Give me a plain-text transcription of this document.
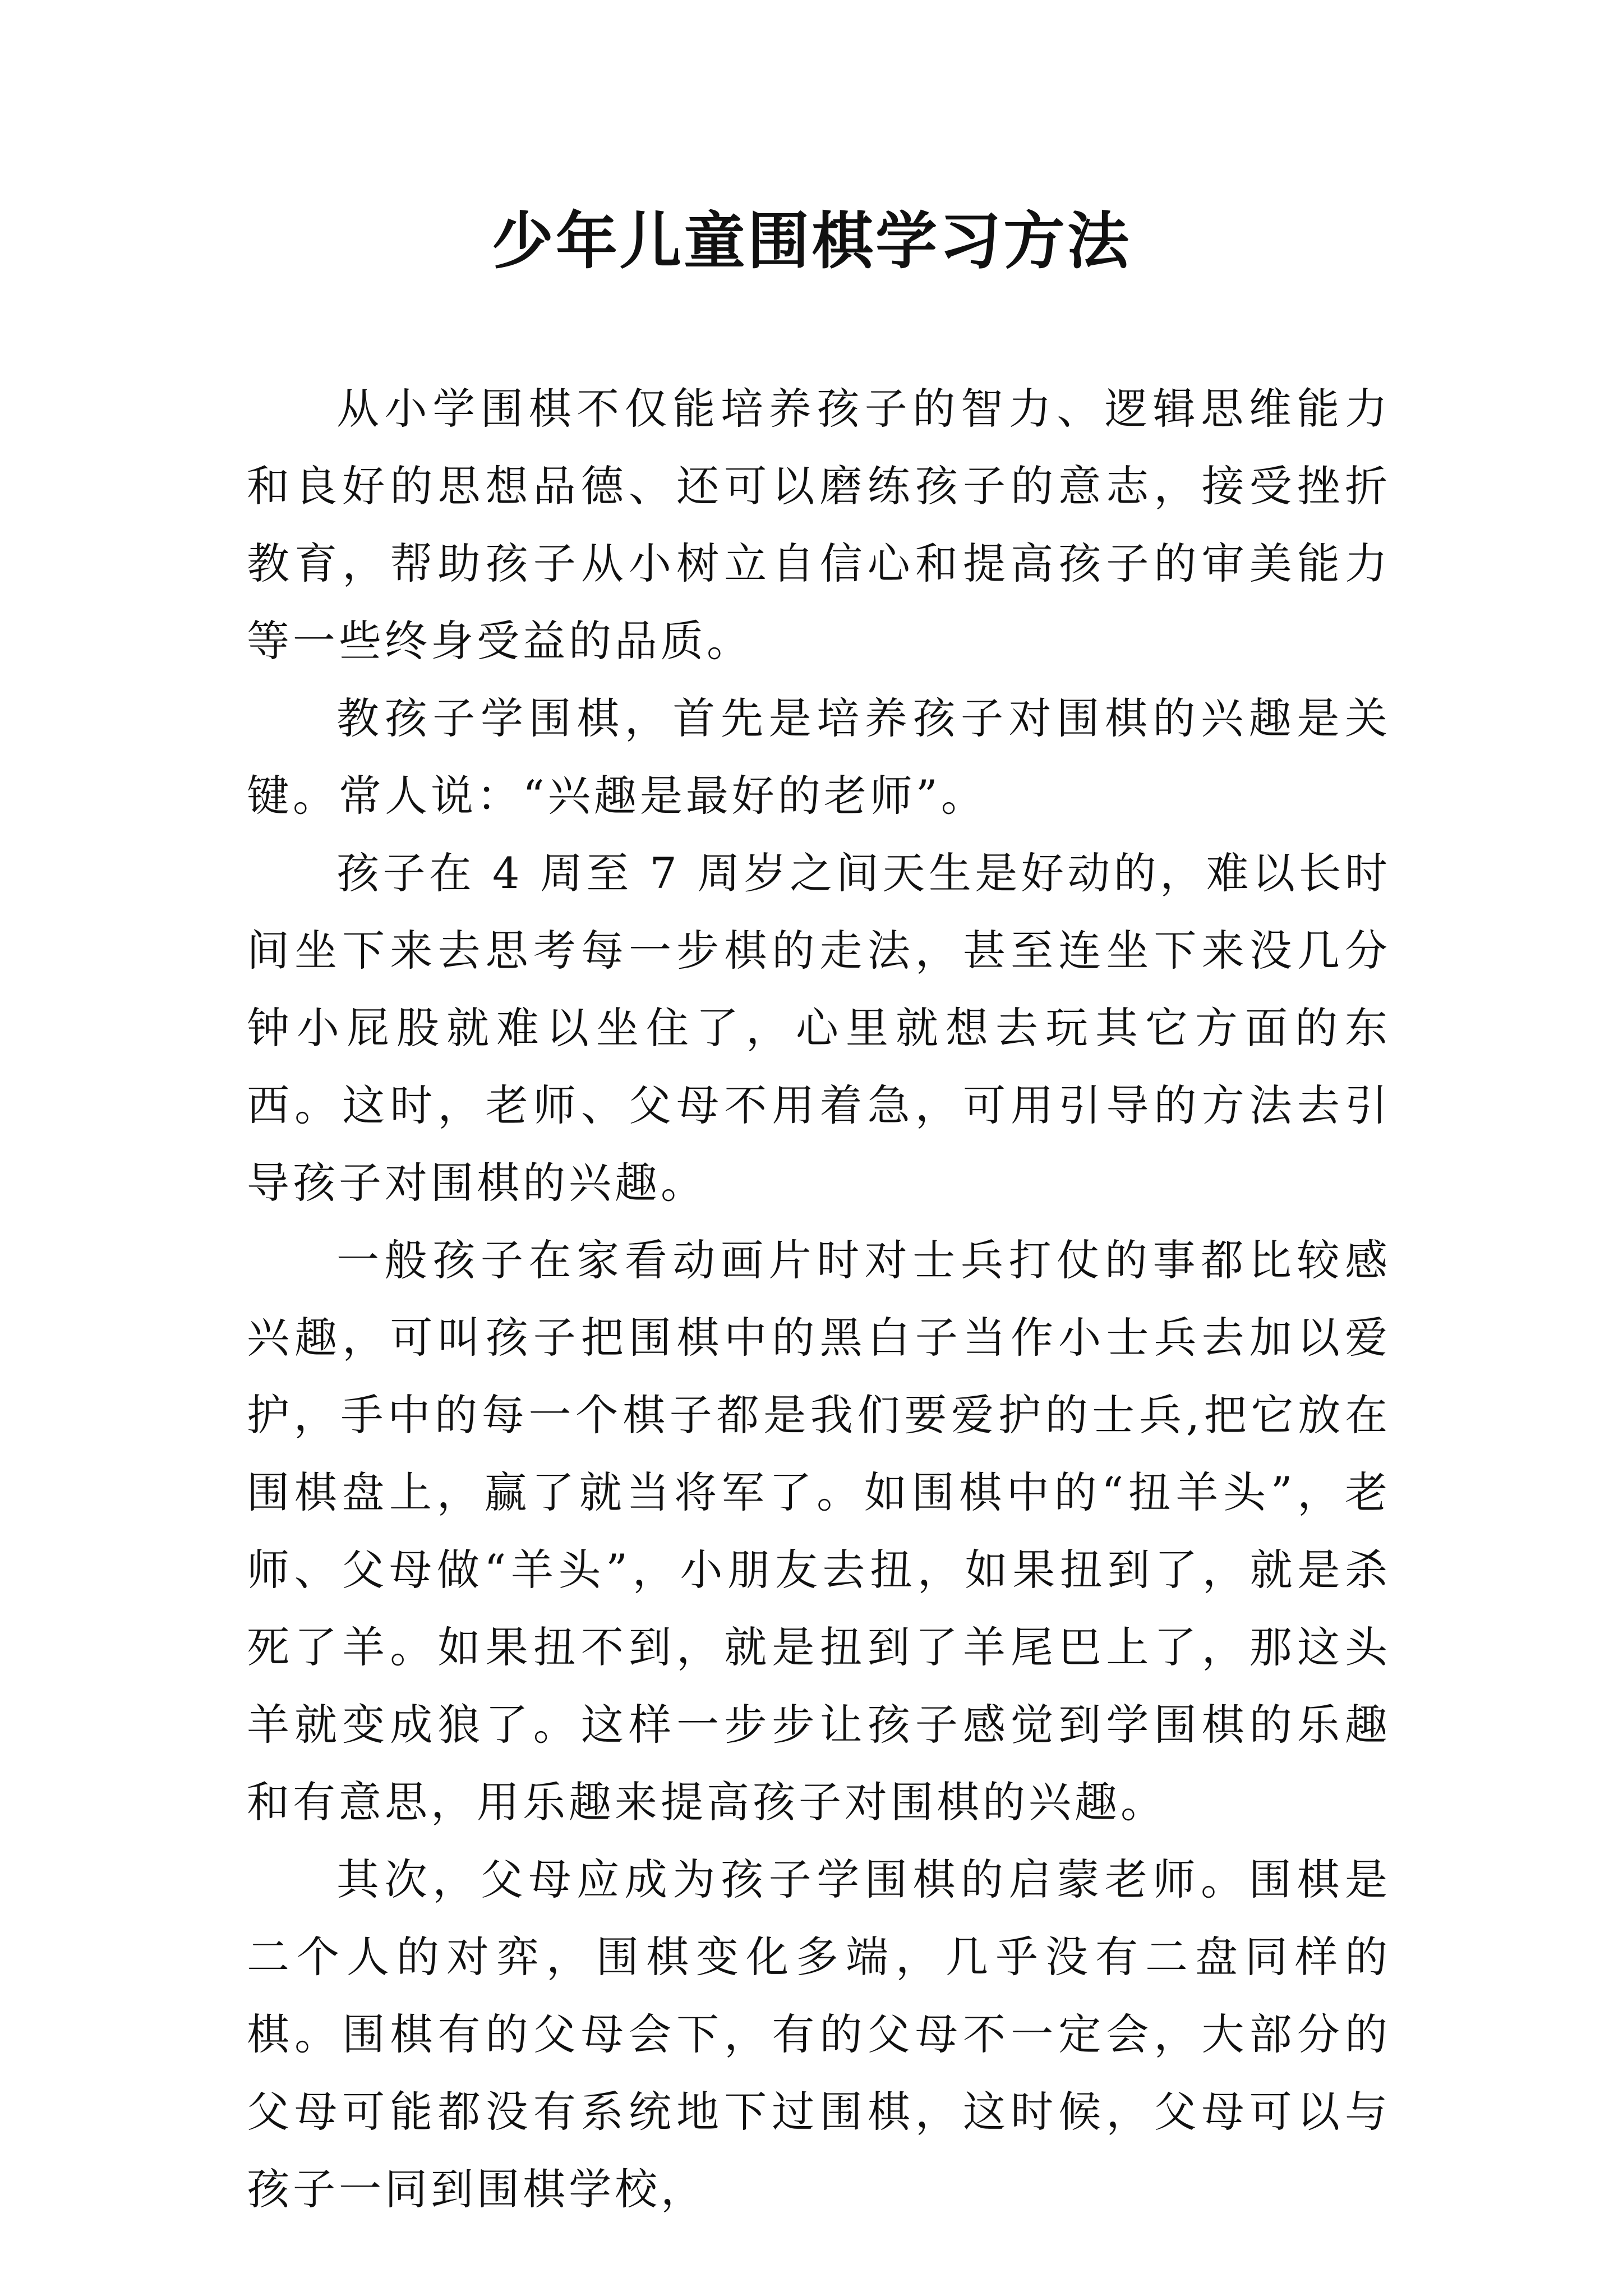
少年儿童围棋学习方法

从小学围棋不仅能培养孩子的智力、逻辑思维能力和良好的思想品德、还可以磨练孩子的意志，接受挫折教育，帮助孩子从小树立自信心和提高孩子的审美能力等一些终身受益的品质。

教孩子学围棋，首先是培养孩子对围棋的兴趣是关键。常人说：“兴趣是最好的老师”。

孩子在 4 周至 7 周岁之间天生是好动的，难以长时间坐下来去思考每一步棋的走法，甚至连坐下来没几分钟小屁股就难以坐住了，心里就想去玩其它方面的东西。这时，老师、父母不用着急，可用引导的方法去引导孩子对围棋的兴趣。

一般孩子在家看动画片时对士兵打仗的事都比较感兴趣，可叫孩子把围棋中的黑白子当作小士兵去加以爱护，手中的每一个棋子都是我们要爱护的士兵,把它放在围棋盘上，赢了就当将军了。如围棋中的“扭羊头”，老师、父母做“羊头”，小朋友去扭，如果扭到了，就是杀死了羊。如果扭不到，就是扭到了羊尾巴上了，那这头羊就变成狼了。这样一步步让孩子感觉到学围棋的乐趣和有意思，用乐趣来提高孩子对围棋的兴趣。

其次，父母应成为孩子学围棋的启蒙老师。围棋是二个人的对弈，围棋变化多端，几乎没有二盘同样的棋。围棋有的父母会下，有的父母不一定会，大部分的父母可能都没有系统地下过围棋，这时候，父母可以与孩子一同到围棋学校，
